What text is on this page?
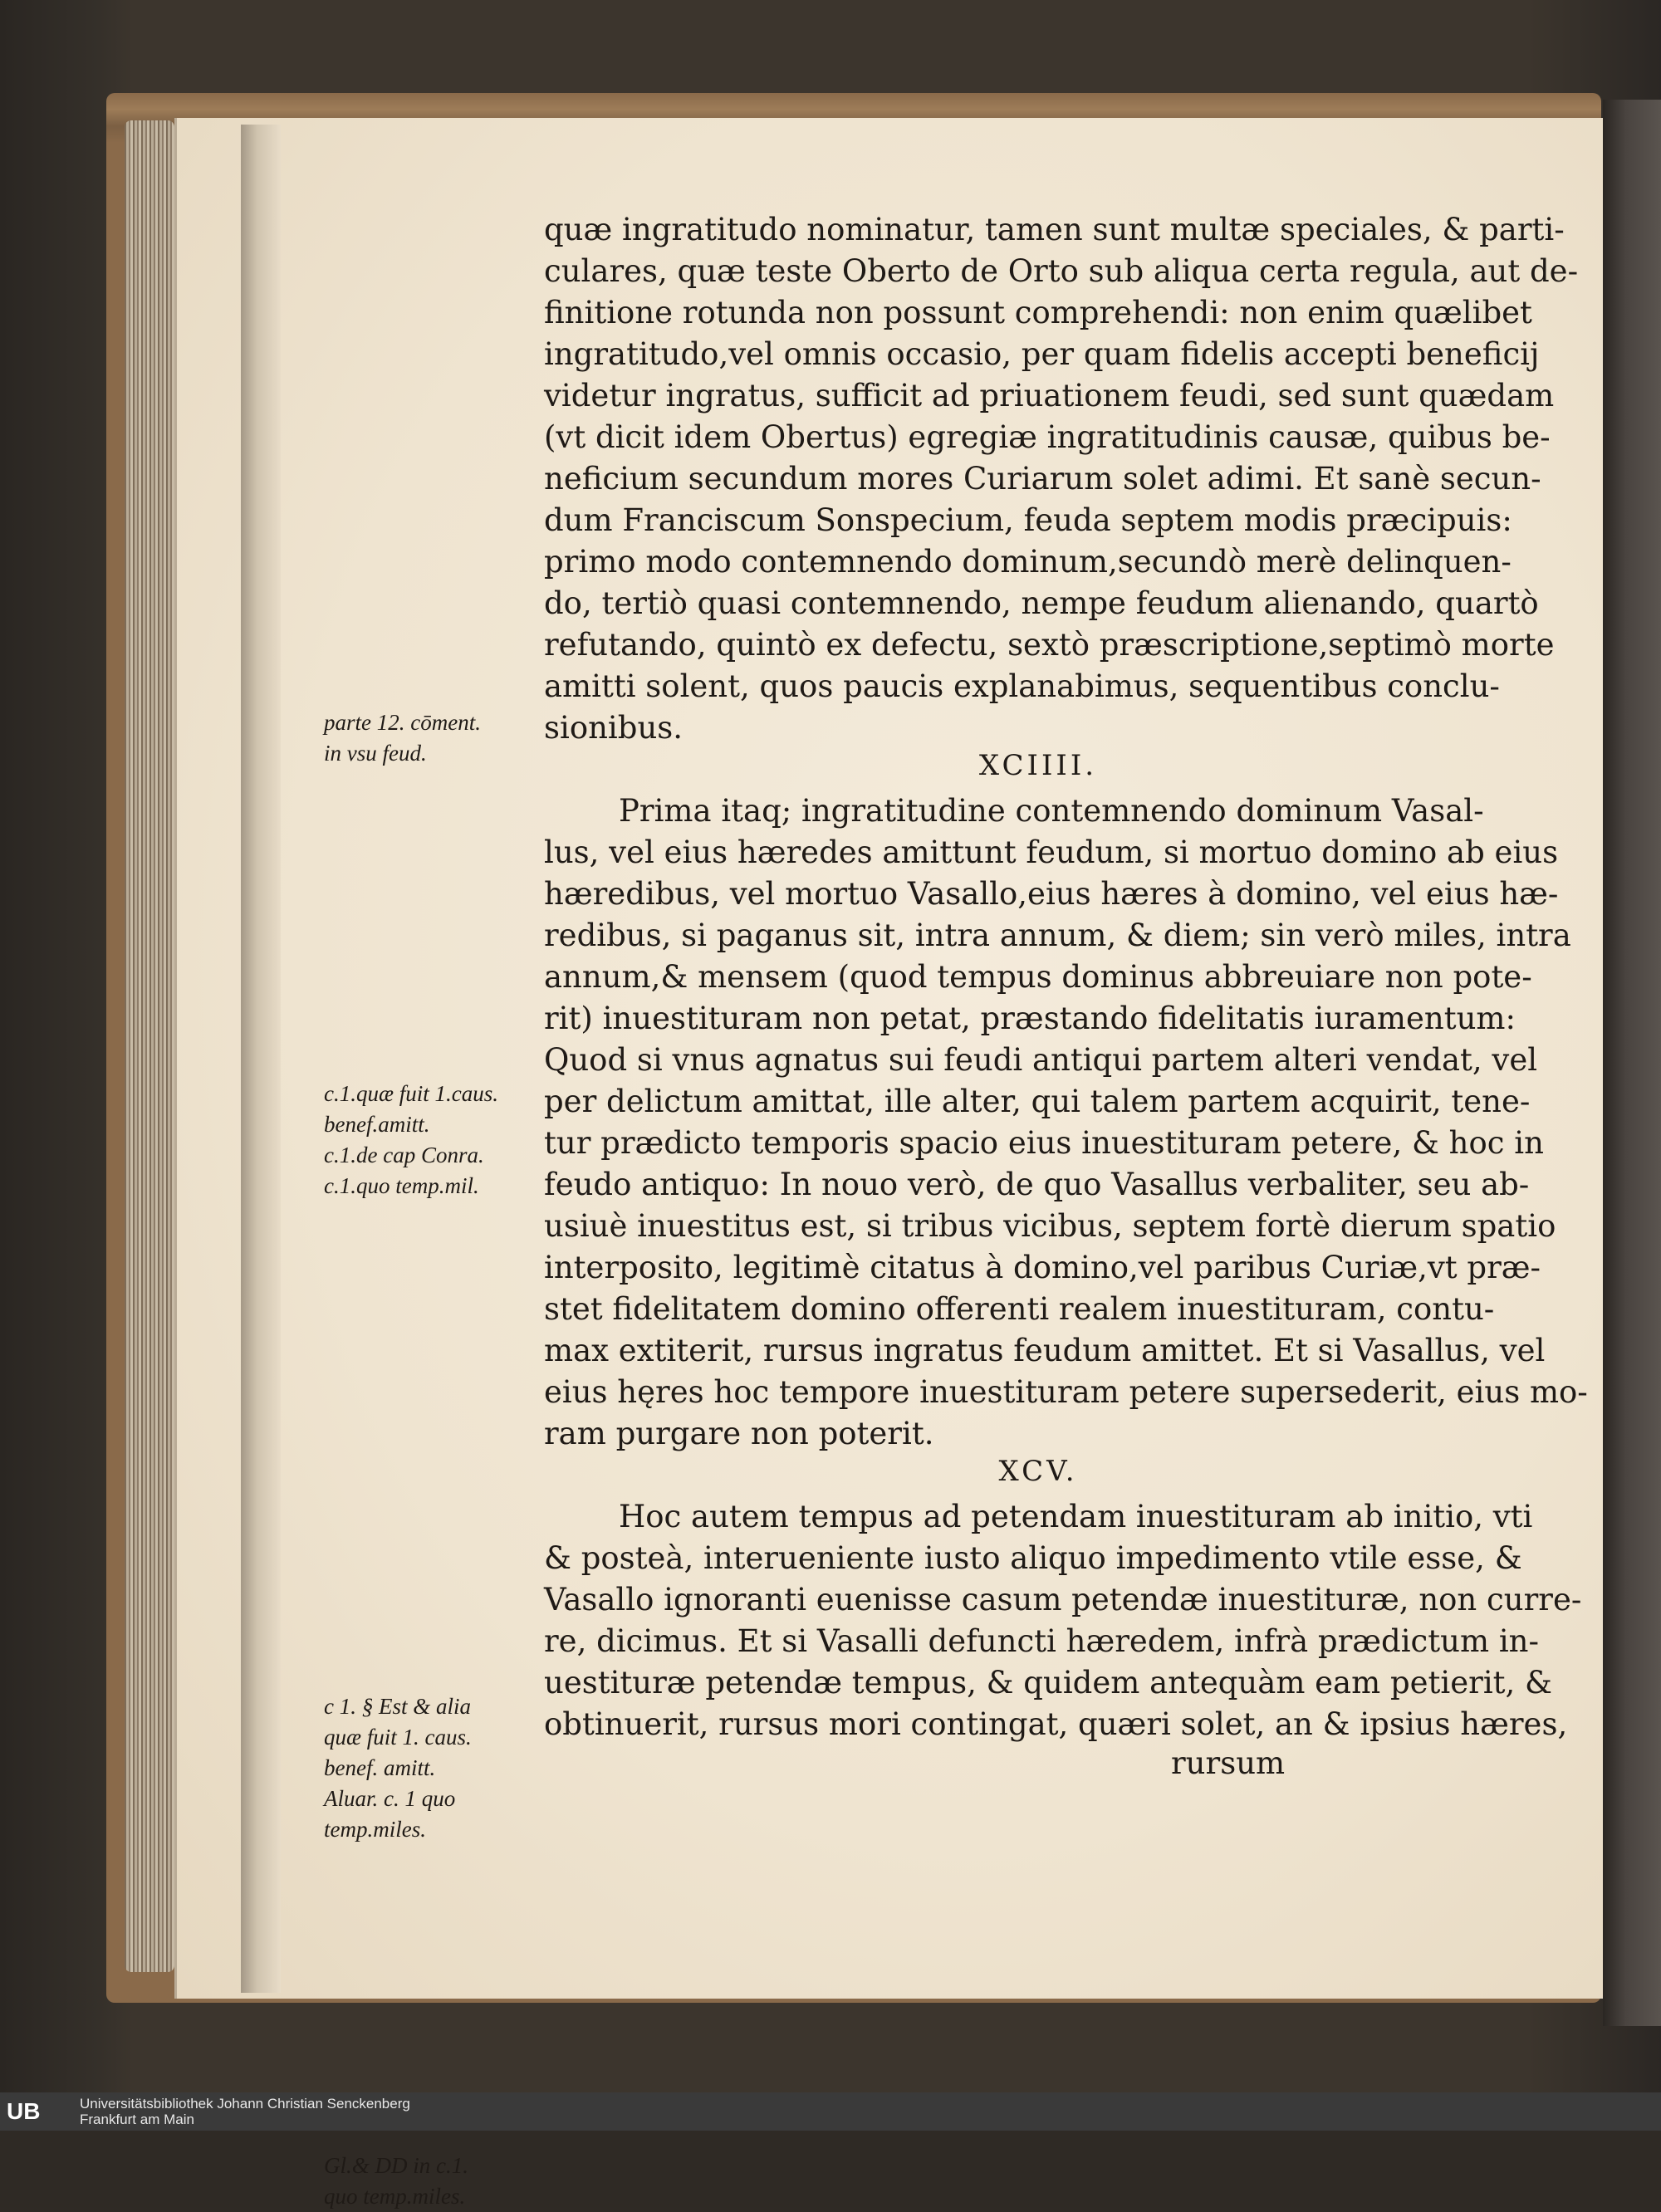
quæ ingratitudo nominatur, tamen sunt multæ speciales, & parti-
culares, quæ teste Oberto de Orto sub aliqua certa regula, aut de-
finitione rotunda non possunt comprehendi: non enim quælibet
ingratitudo,vel omnis occasio, per quam fidelis accepti beneficij
videtur ingratus, sufficit ad priuationem feudi, sed sunt quædam
(vt dicit idem Obertus) egregiæ ingratitudinis causæ, quibus be-
neficium secundum mores Curiarum solet adimi. Et sanè secun-
dum Franciscum Sonspecium, feuda septem modis præcipuis:
primo modo contemnendo dominum,secundò merè delinquen-
do, tertiò quasi contemnendo, nempe feudum alienando, quartò
refutando, quintò ex defectu, sextò præscriptione,septimò morte
amitti solent, quos paucis explanabimus, sequentibus conclu-
sionibus.
XCIIII.
Prima itaq; ingratitudine contemnendo dominum Vasal-
lus, vel eius hæredes amittunt feudum, si mortuo domino ab eius
hæredibus, vel mortuo Vasallo,eius hæres à domino, vel eius hæ-
redibus, si paganus sit, intra annum, & diem; sin verò miles, intra
annum,& mensem (quod tempus dominus abbreuiare non pote-
rit) inuestituram non petat, præstando fidelitatis iuramentum:
Quod si vnus agnatus sui feudi antiqui partem alteri vendat, vel
per delictum amittat, ille alter, qui talem partem acquirit, tene-
tur prædicto temporis spacio eius inuestituram petere, & hoc in
feudo antiquo: In nouo verò, de quo Vasallus verbaliter, seu ab-
usiuè inuestitus est, si tribus vicibus, septem fortè dierum spatio
interposito, legitimè citatus à domino,vel paribus Curiæ,vt præ-
stet fidelitatem domino offerenti realem inuestituram, contu-
max extiterit, rursus ingratus feudum amittet. Et si Vasallus, vel
eius hęres hoc tempore inuestituram petere supersederit, eius mo-
ram purgare non poterit.
XCV.
Hoc autem tempus ad petendam inuestituram ab initio, vti
& posteà, interueniente iusto aliquo impedimento vtile esse, &
Vasallo ignoranti euenisse casum petendæ inuestituræ, non curre-
re, dicimus. Et si Vasalli defuncti hæredem, infrà prædictum in-
uestituræ petendæ tempus, & quidem antequàm eam petierit, &
obtinuerit, rursus mori contingat, quæri solet, an & ipsius hæres,
rursum
parte 12. cōment.
in vsu feud.
c.1.quæ fuit 1.caus.
benef.amitt.
c.1.de cap Conra.
c.1.quo temp.mil.
c 1. § Est & alia
quæ fuit 1. caus.
benef. amitt.
Aluar. c. 1 quo
temp.miles.
Gl.& DD in c.1.
quo temp.miles.
UB	Universitätsbibliothek Johann Christian Senckenberg
Frankfurt am Main
